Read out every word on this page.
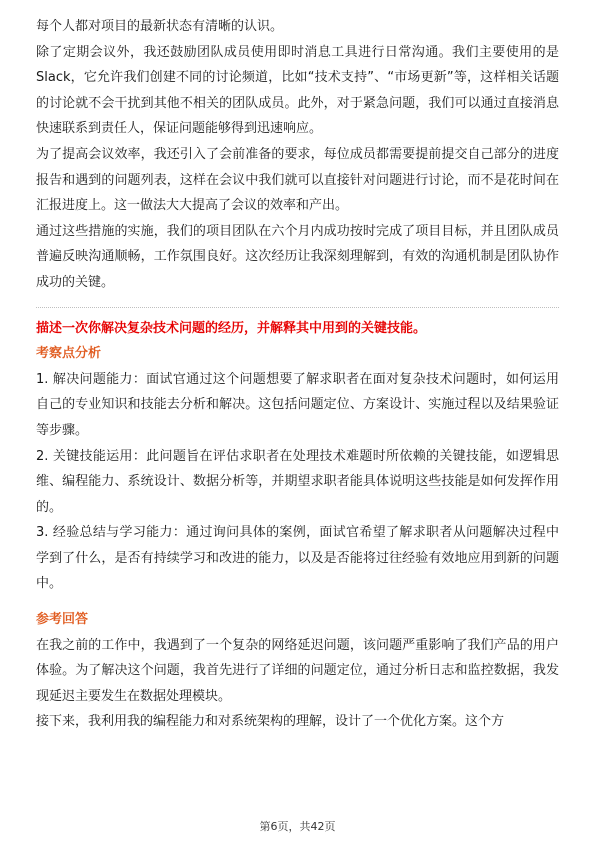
每个人都对项目的最新状态有清晰的认识。

除了定期会议外，我还鼓励团队成员使用即时消息工具进行日常沟通。我们主要使用的是Slack，它允许我们创建不同的讨论频道，比如“技术支持”、“市场更新”等，这样相关话题的讨论就不会干扰到其他不相关的团队成员。此外，对于紧急问题，我们可以通过直接消息快速联系到责任人，保证问题能够得到迅速响应。

为了提高会议效率，我还引入了会前准备的要求，每位成员都需要提前提交自己部分的进度报告和遇到的问题列表，这样在会议中我们就可以直接针对问题进行讨论，而不是花时间在汇报进度上。这一做法大大提高了会议的效率和产出。

通过这些措施的实施，我们的项目团队在六个月内成功按时完成了项目目标，并且团队成员普遍反映沟通顺畅，工作氛围良好。这次经历让我深刻理解到，有效的沟通机制是团队协作成功的关键。

描述一次你解决复杂技术问题的经历，并解释其中用到的关键技能。

考察点分析

1. 解决问题能力：面试官通过这个问题想要了解求职者在面对复杂技术问题时，如何运用自己的专业知识和技能去分析和解决。这包括问题定位、方案设计、实施过程以及结果验证等步骤。

2. 关键技能运用：此问题旨在评估求职者在处理技术难题时所依赖的关键技能，如逻辑思维、编程能力、系统设计、数据分析等，并期望求职者能具体说明这些技能是如何发挥作用的。

3. 经验总结与学习能力：通过询问具体的案例，面试官希望了解求职者从问题解决过程中学到了什么，是否有持续学习和改进的能力，以及是否能将过往经验有效地应用到新的问题中。

参考回答

在我之前的工作中，我遇到了一个复杂的网络延迟问题，该问题严重影响了我们产品的用户体验。为了解决这个问题，我首先进行了详细的问题定位，通过分析日志和监控数据，我发现延迟主要发生在数据处理模块。

接下来，我利用我的编程能力和对系统架构的理解，设计了一个优化方案。这个方

第6页，共42页
